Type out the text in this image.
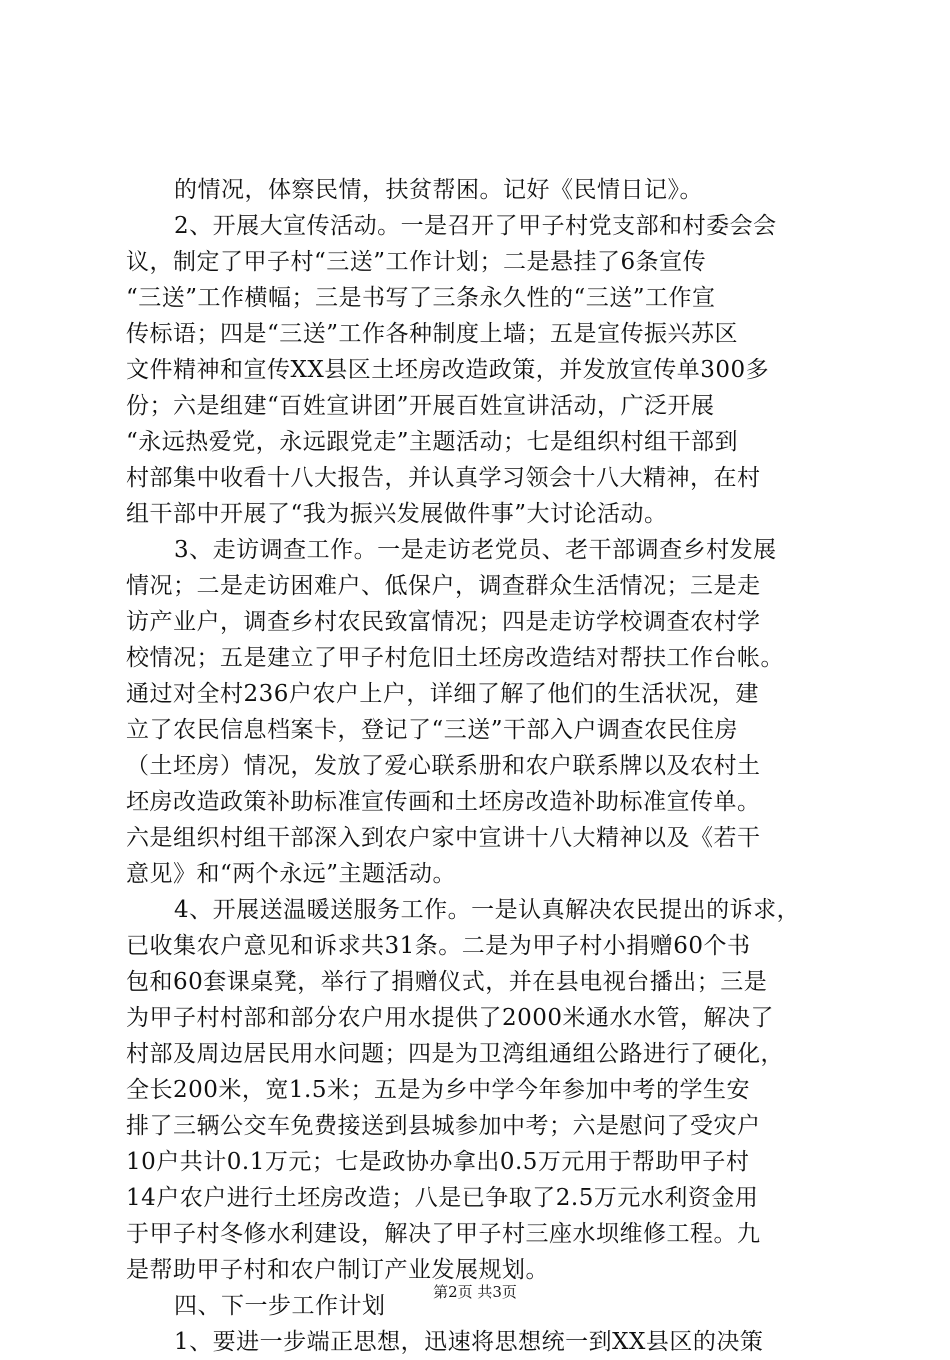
的情况，体察民情，扶贫帮困。记好《民情日记》。
2、开展大宣传活动。一是召开了甲子村党支部和村委会会
议，制定了甲子村“三送”工作计划；二是悬挂了6条宣传
“三送”工作横幅；三是书写了三条永久性的“三送”工作宣
传标语；四是“三送”工作各种制度上墙；五是宣传振兴苏区
文件精神和宣传XX县区土坯房改造政策，并发放宣传单300多
份；六是组建“百姓宣讲团”开展百姓宣讲活动，广泛开展
“永远热爱党，永远跟党走”主题活动；七是组织村组干部到
村部集中收看十八大报告，并认真学习领会十八大精神，在村
组干部中开展了“我为振兴发展做件事”大讨论活动。
3、走访调查工作。一是走访老党员、老干部调查乡村发展
情况；二是走访困难户、低保户，调查群众生活情况；三是走
访产业户，调查乡村农民致富情况；四是走访学校调查农村学
校情况；五是建立了甲子村危旧土坯房改造结对帮扶工作台帐。
通过对全村236户农户上户，详细了解了他们的生活状况，建
立了农民信息档案卡，登记了“三送”干部入户调查农民住房
（土坯房）情况，发放了爱心联系册和农户联系牌以及农村土
坯房改造政策补助标准宣传画和土坯房改造补助标准宣传单。
六是组织村组干部深入到农户家中宣讲十八大精神以及《若干
意见》和“两个永远”主题活动。
4、开展送温暖送服务工作。一是认真解决农民提出的诉求，
已收集农户意见和诉求共31条。二是为甲子村小捐赠60个书
包和60套课桌凳，举行了捐赠仪式，并在县电视台播出；三是
为甲子村村部和部分农户用水提供了2000米通水水管，解决了
村部及周边居民用水问题；四是为卫湾组通组公路进行了硬化，
全长200米，宽1.5米；五是为乡中学今年参加中考的学生安
排了三辆公交车免费接送到县城参加中考；六是慰问了受灾户
10户共计0.1万元；七是政协办拿出0.5万元用于帮助甲子村
14户农户进行土坯房改造；八是已争取了2.5万元水利资金用
于甲子村冬修水利建设，解决了甲子村三座水坝维修工程。九
是帮助甲子村和农户制订产业发展规划。
四、下一步工作计划
1、要进一步端正思想，迅速将思想统一到XX县区的决策
第2页 共3页
